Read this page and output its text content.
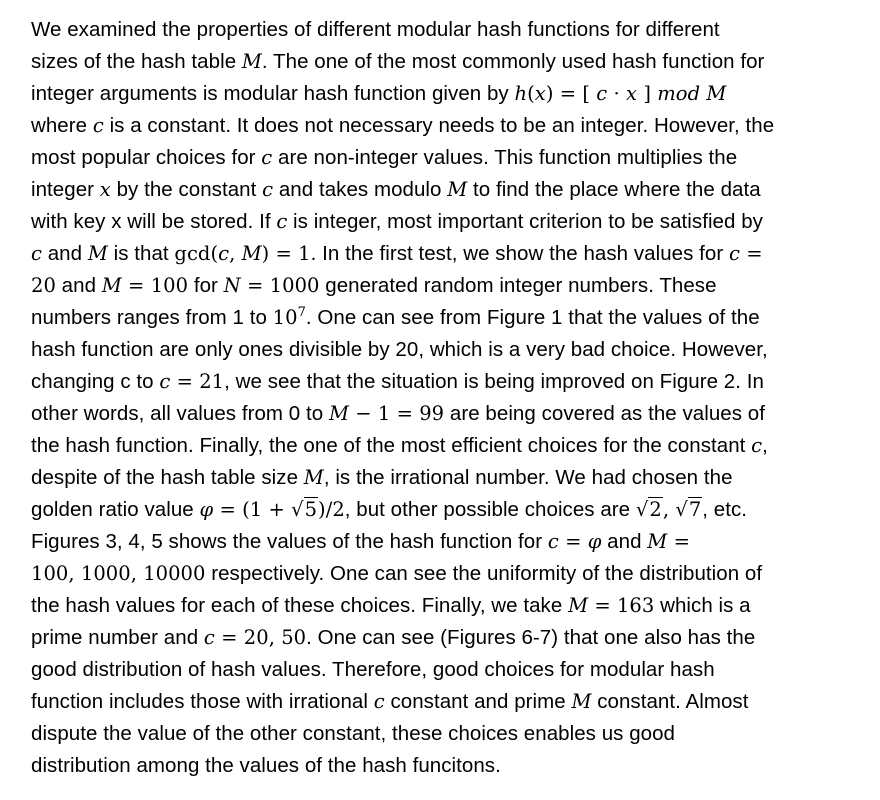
We examined the properties of different modular hash functions for different
sizes of the hash table M. The one of the most commonly used hash function for
integer arguments is modular hash function given by h(x) = [ c · x ] mod M
where c is a constant. It does not necessary needs to be an integer. However, the
most popular choices for c are non-integer values. This function multiplies the
integer x by the constant c and takes modulo M to find the place where the data
with key x will be stored. If c is integer, most important criterion to be satisfied by
c and M is that gcd(c, M) = 1. In the first test, we show the hash values for c =
20 and M = 100 for N = 1000 generated random integer numbers. These
numbers ranges from 1 to $10^7$. One can see from Figure 1 that the values of the
hash function are only ones divisible by 20, which is a very bad choice. However,
changing c to c = 21, we see that the situation is being improved on Figure 2. In
other words, all values from 0 to M − 1 = 99 are being covered as the values of
the hash function. Finally, the one of the most efficient choices for the constant c,
despite of the hash table size M, is the irrational number. We had chosen the
golden ratio value φ = (1 + √5)/2, but other possible choices are √2, √7, etc.
Figures 3, 4, 5 shows the values of the hash function for c = φ and M =
100, 1000, 10000 respectively. One can see the uniformity of the distribution of
the hash values for each of these choices. Finally, we take M = 163 which is a
prime number and c = 20, 50. One can see (Figures 6-7) that one also has the
good distribution of hash values. Therefore, good choices for modular hash
function includes those with irrational c constant and prime M constant. Almost
dispute the value of the other constant, these choices enables us good
distribution among the values of the hash funcitons.
